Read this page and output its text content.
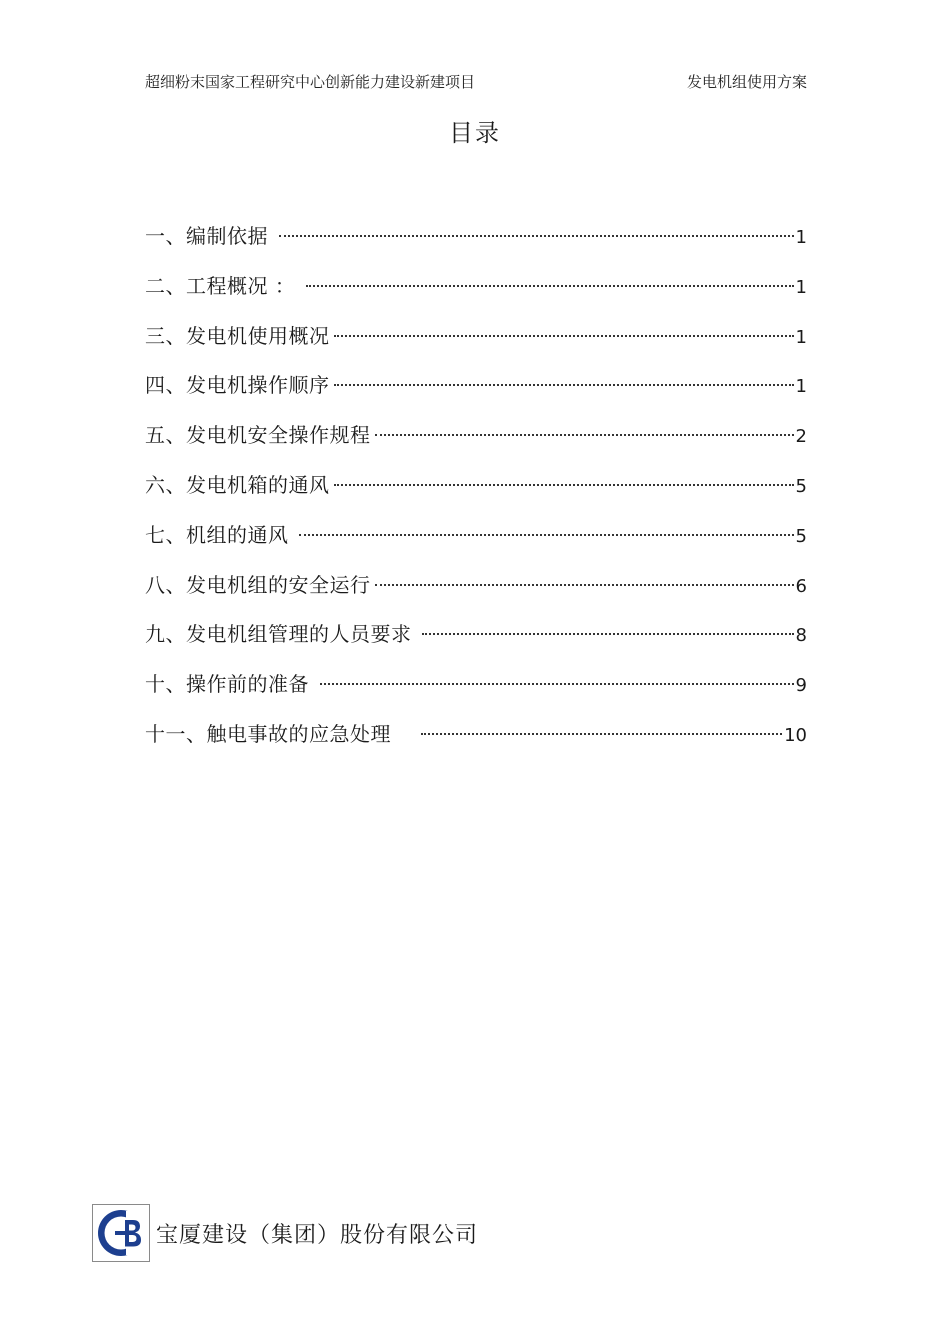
超细粉末国家工程研究中心创新能力建设新建项目	发电机组使用方案
目录
一、编制依据	1
二、工程概况 ：	1
三、发电机使用概况	1
四、发电机操作顺序	1
五、发电机安全操作规程	2
六、发电机箱的通风	5
七、机组的通风	5
八、发电机组的安全运行	6
九、发电机组管理的人员要求	8
十、操作前的准备	9
十一、触电事故的应急处理	10
宝厦建设（集团）股份有限公司
